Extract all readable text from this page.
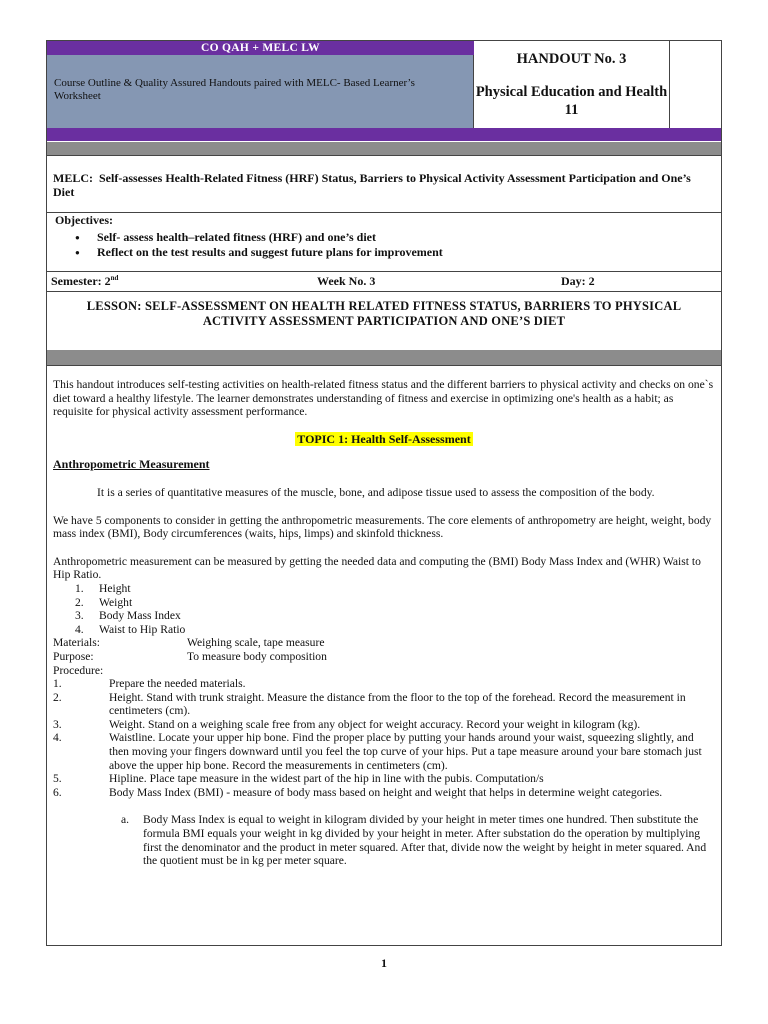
CO QAH + MELC LW
Course Outline & Quality Assured Handouts paired with MELC- Based Learner’s Worksheet
HANDOUT No. 3
Physical Education and Health 11
MELC: Self-assesses Health-Related Fitness (HRF) Status, Barriers to Physical Activity Assessment Participation and One’s Diet
Objectives:
● Self- assess health–related fitness (HRF) and one’s diet
● Reflect on the test results and suggest future plans for improvement
Semester: 2nd	Week No. 3	Day: 2
LESSON: SELF-ASSESSMENT ON HEALTH RELATED FITNESS STATUS, BARRIERS TO PHYSICAL ACTIVITY ASSESSMENT PARTICIPATION AND ONE’S DIET

This handout introduces self-testing activities on health-related fitness status and the different barriers to physical activity and checks on one`s diet toward a healthy lifestyle. The learner demonstrates understanding of fitness and exercise in optimizing one's health as a habit; as requisite for physical activity assessment performance.

TOPIC 1: Health Self-Assessment
Anthropometric Measurement

It is a series of quantitative measures of the muscle, bone, and adipose tissue used to assess the composition of the body.

We have 5 components to consider in getting the anthropometric measurements. The core elements of anthropometry are height, weight, body mass index (BMI), Body circumferences (waits, hips, limps) and skinfold thickness.

Anthropometric measurement can be measured by getting the needed data and computing the (BMI) Body Mass Index and (WHR) Waist to Hip Ratio.

1. Height
2. Weight
3. Body Mass Index
4. Waist to Hip Ratio
Materials:	Weighing scale, tape measure
Purpose:	To measure body composition
Procedure:
1.	Prepare the needed materials.
2.	Height. Stand with trunk straight. Measure the distance from the floor to the top of the forehead. Record the measurement in centimeters (cm).
3.	Weight. Stand on a weighing scale free from any object for weight accuracy. Record your weight in kilogram (kg).
4.	Waistline. Locate your upper hip bone. Find the proper place by putting your hands around your waist, squeezing slightly, and then moving your fingers downward until you feel the top curve of your hips. Put a tape measure around your bare stomach just above the upper hip bone. Record the measurements in centimeters (cm).
5.	Hipline. Place tape measure in the widest part of the hip in line with the pubis. Computation/s
6.	Body Mass Index (BMI) - measure of body mass based on height and weight that helps in determine weight categories.
a. Body Mass Index is equal to weight in kilogram divided by your height in meter times one hundred. Then substitute the formula BMI equals your weight in kg divided by your height in meter. After substation do the operation by multiplying first the denominator and the product in meter squared. After that, divide now the weight by height in meter squared. And the quotient must be in kg per meter square.
1
